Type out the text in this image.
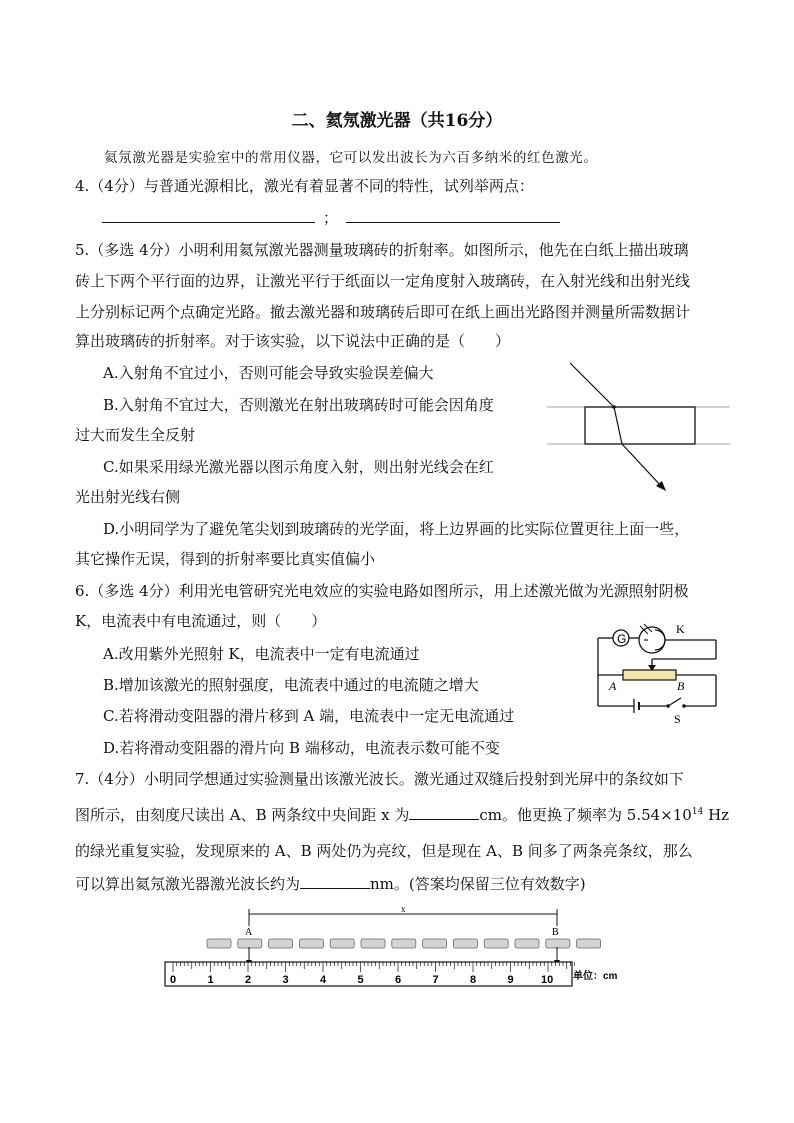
二、氦氖激光器（共16分）
氦氖激光器是实验室中的常用仪器，它可以发出波长为六百多纳米的红色激光。
4.（4分）与普通光源相比，激光有着显著不同的特性，试列举两点：
；
5.（多选 4分）小明利用氦氖激光器测量玻璃砖的折射率。如图所示，他先在白纸上描出玻璃
砖上下两个平行面的边界，让激光平行于纸面以一定角度射入玻璃砖，在入射光线和出射光线
上分别标记两个点确定光路。撤去激光器和玻璃砖后即可在纸上画出光路图并测量所需数据计
算出玻璃砖的折射率。对于该实验，以下说法中正确的是（　　）
A.入射角不宜过小，否则可能会导致实验误差偏大
B.入射角不宜过大，否则激光在射出玻璃砖时可能会因角度
过大而发生全反射
C.如果采用绿光激光器以图示角度入射，则出射光线会在红
光出射光线右侧
D.小明同学为了避免笔尖划到玻璃砖的光学面，将上边界画的比实际位置更往上面一些，
其它操作无误，得到的折射率要比真实值偏小
6.（多选 4分）利用光电管研究光电效应的实验电路如图所示，用上述激光做为光源照射阴极
K，电流表中有电流通过，则（　　）
A.改用紫外光照射 K，电流表中一定有电流通过
B.增加该激光的照射强度，电流表中通过的电流随之增大
C.若将滑动变阻器的滑片移到 A 端，电流表中一定无电流通过
D.若将滑动变阻器的滑片向 B 端移动，电流表示数可能不变
G
K
A	B
S
7.（4分）小明同学想通过实验测量出该激光波长。激光通过双缝后投射到光屏中的条纹如下
图所示，由刻度尺读出 A、B 两条纹中央间距 x 为	cm。他更换了频率为 $5.54\times 10^{14}$ Hz
的绿光重复实验，发现原来的 A、B 两处仍为亮纹，但是现在 A、B 间多了两条亮条纹，那么
可以算出氦氖激光器激光波长约为	nm。(答案均保留三位有效数字)
x
A	B
0	1	2	3	4	5	6	7	8	9 10 单位：cm
